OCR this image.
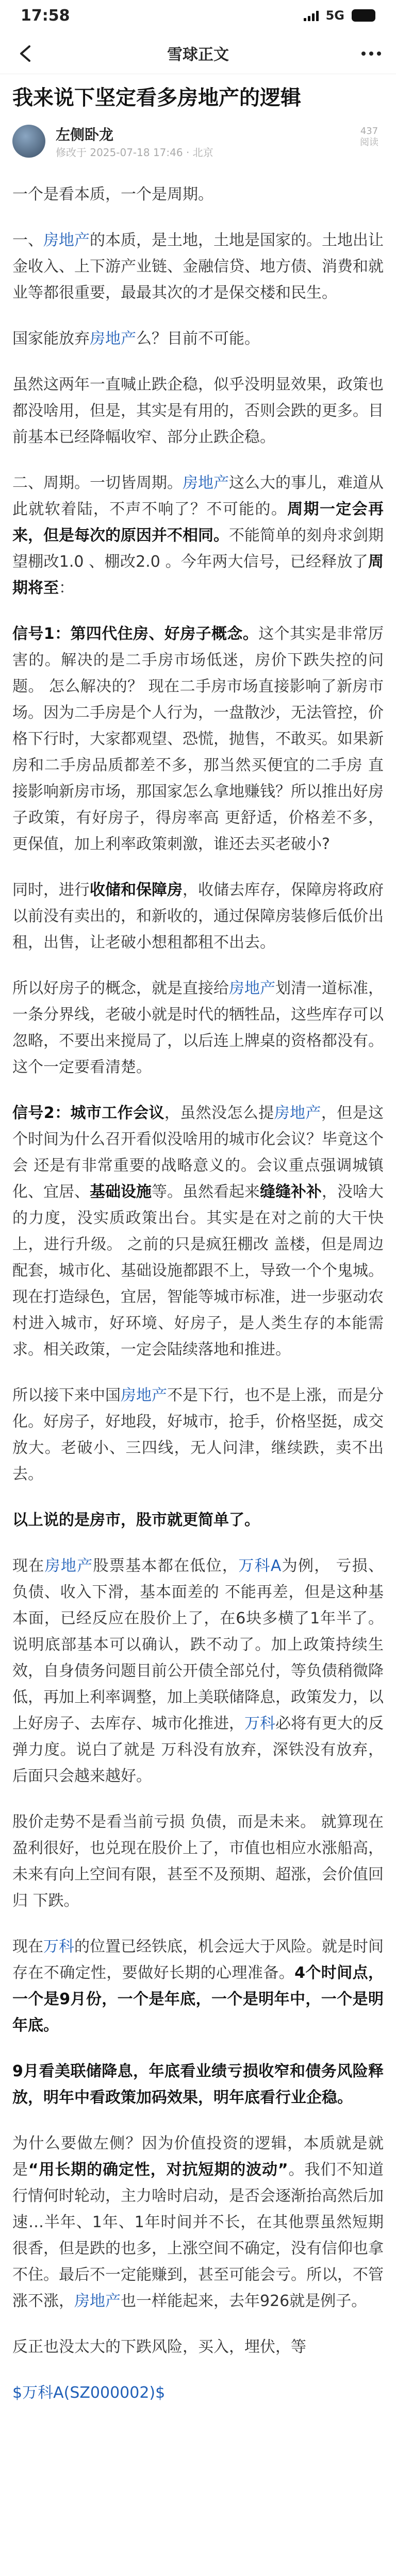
17:58	5G
雪球正文
我来说下坚定看多房地产的逻辑
左侧卧龙
修改于 2025-07-18 17:46 · 北京
437
阅读

一个是看本质，一个是周期。

一、房地产的本质，是土地，土地是国家的。土地出让金收入、上下游产业链、金融信贷、地方债、消费和就业等都很重要，最最其次的才是保交楼和民生。

国家能放弃房地产么？目前不可能。

虽然这两年一直喊止跌企稳，似乎没明显效果，政策也都没啥用，但是，其实是有用的，否则会跌的更多。目前基本已经降幅收窄、部分止跌企稳。

二、周期。一切皆周期。房地产这么大的事儿，难道从此就软着陆，不声不响了？不可能的。周期一定会再来，但是每次的原因并不相同。不能简单的刻舟求剑期望棚改1.0 、棚改2.0 。今年两大信号，已经释放了周期将至：

信号1：第四代住房、好房子概念。这个其实是非常厉害的。解决的是二手房市场低迷，房价下跌失控的问题。 怎么解决的？ 现在二手房市场直接影响了新房市场。因为二手房是个人行为，一盘散沙，无法管控，价格下行时，大家都观望、恐慌，抛售，不敢买。如果新房和二手房品质都差不多，那当然买便宜的二手房 直接影响新房市场，那国家怎么拿地赚钱？所以推出好房子政策，有好房子，得房率高 更舒适，价格差不多，更保值，加上利率政策刺激，谁还去买老破小?

同时，进行收储和保障房，收储去库存，保障房将政府以前没有卖出的，和新收的，通过保障房装修后低价出租，出售，让老破小想租都租不出去。

所以好房子的概念，就是直接给房地产划清一道标准，一条分界线，老破小就是时代的牺牲品，这些库存可以忽略，不要出来搅局了，以后连上牌桌的资格都没有。这个一定要看清楚。

信号2：城市工作会议，虽然没怎么提房地产，但是这个时间为什么召开看似没啥用的城市化会议？毕竟这个会 还是有非常重要的战略意义的。会议重点强调城镇化、宜居、基础设施等。虽然看起来缝缝补补，没啥大的力度，没实质政策出台。其实是在对之前的大干快上，进行升级。 之前的只是疯狂棚改 盖楼，但是周边配套，城市化、基础设施都跟不上，导致一个个鬼城。现在打造绿色，宜居，智能等城市标准，进一步驱动农村进入城市，好环境、好房子，是人类生存的本能需求。相关政策，一定会陆续落地和推进。

所以接下来中国房地产不是下行，也不是上涨，而是分化。好房子，好地段，好城市，抢手，价格坚挺，成交放大。老破小、三四线，无人问津，继续跌，卖不出去。

以上说的是房市，股市就更简单了。

现在房地产股票基本都在低位，万科A为例， 亏损、负债、收入下滑，基本面差的 不能再差，但是这种基本面，已经反应在股价上了，在6块多横了1年半了。说明底部基本可以确认，跌不动了。加上政策持续生效，自身债务问题目前公开债全部兑付，等负债稍微降低，再加上利率调整，加上美联储降息，政策发力，以上好房子、去库存、城市化推进，万科必将有更大的反弹力度。说白了就是 万科没有放弃，深铁没有放弃，后面只会越来越好。

股价走势不是看当前亏损 负债，而是未来。 就算现在盈利很好，也兑现在股价上了，市值也相应水涨船高，未来有向上空间有限，甚至不及预期、超涨，会价值回归 下跌。

现在万科的位置已经铁底，机会远大于风险。就是时间存在不确定性，要做好长期的心理准备。4个时间点，一个是9月份，一个是年底，一个是明年中，一个是明年底。

9月看美联储降息，年底看业绩亏损收窄和债务风险释放，明年中看政策加码效果，明年底看行业企稳。

为什么要做左侧？因为价值投资的逻辑，本质就是就是“用长期的确定性，对抗短期的波动”。我们不知道行情何时轮动，主力啥时启动，是否会逐渐抬高然后加速…半年、1年、1年时间并不长，在其他票虽然短期很香，但是跌的也多，上涨空间不确定，没有信仰也拿不住。最后不一定能赚到，甚至可能会亏。所以，不管涨不涨，房地产也一样能起来，去年926就是例子。

反正也没太大的下跌风险，买入，埋伏，等

$万科A(SZ000002)$
